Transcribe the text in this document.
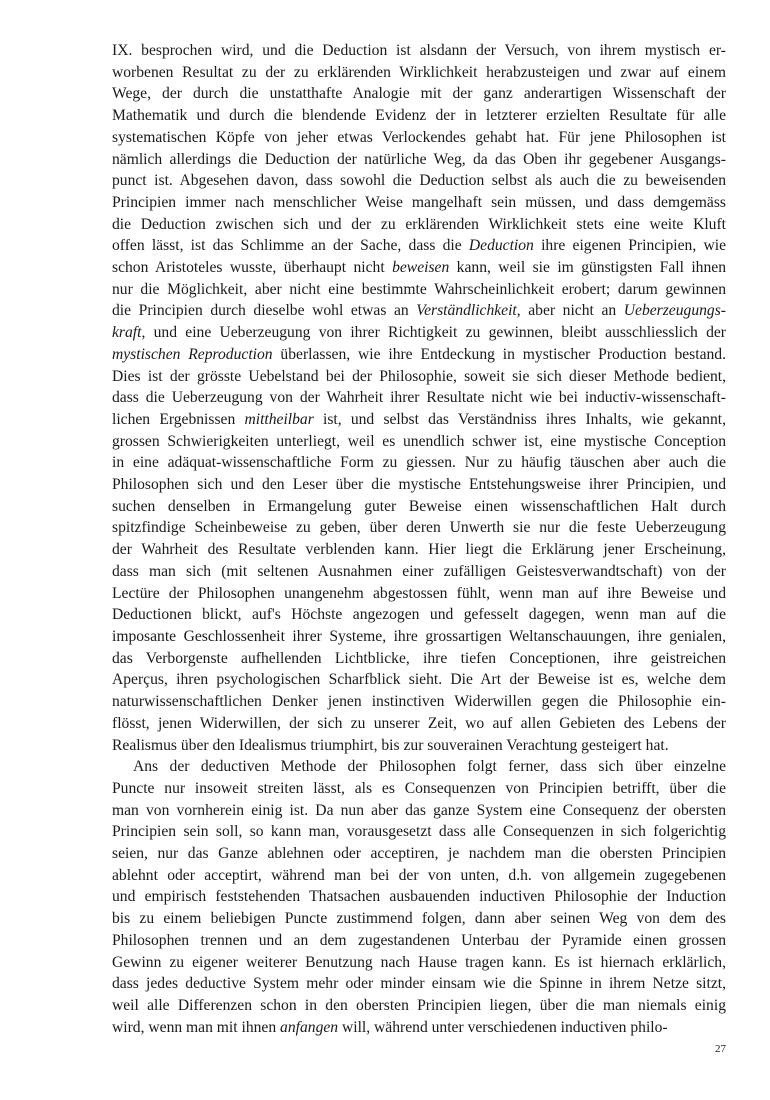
IX. besprochen wird, und die Deduction ist alsdann der Versuch, von ihrem mystisch er-
worbenen Resultat zu der zu erklärenden Wirklichkeit herabzusteigen und zwar auf einem
Wege, der durch die unstatthafte Analogie mit der ganz anderartigen Wissenschaft der
Mathematik und durch die blendende Evidenz der in letzterer erzielten Resultate für alle
systematischen Köpfe von jeher etwas Verlockendes gehabt hat. Für jene Philosophen ist
nämlich allerdings die Deduction der natürliche Weg, da das Oben ihr gegebener Ausgangs-
punct ist. Abgesehen davon, dass sowohl die Deduction selbst als auch die zu beweisenden
Principien immer nach menschlicher Weise mangelhaft sein müssen, und dass demgemäss
die Deduction zwischen sich und der zu erklärenden Wirklichkeit stets eine weite Kluft
offen lässt, ist das Schlimme an der Sache, dass die Deduction ihre eigenen Principien, wie
schon Aristoteles wusste, überhaupt nicht beweisen kann, weil sie im günstigsten Fall ihnen
nur die Möglichkeit, aber nicht eine bestimmte Wahrscheinlichkeit erobert; darum gewinnen
die Principien durch dieselbe wohl etwas an Verständlichkeit, aber nicht an Ueberzeugungs-
kraft, und eine Ueberzeugung von ihrer Richtigkeit zu gewinnen, bleibt ausschliesslich der
mystischen Reproduction überlassen, wie ihre Entdeckung in mystischer Production bestand.
Dies ist der grösste Uebelstand bei der Philosophie, soweit sie sich dieser Methode bedient,
dass die Ueberzeugung von der Wahrheit ihrer Resultate nicht wie bei inductiv-wissenschaft-
lichen Ergebnissen mittheilbar ist, und selbst das Verständniss ihres Inhalts, wie gekannt,
grossen Schwierigkeiten unterliegt, weil es unendlich schwer ist, eine mystische Conception
in eine adäquat-wissenschaftliche Form zu giessen. Nur zu häufig täuschen aber auch die
Philosophen sich und den Leser über die mystische Entstehungsweise ihrer Principien, und
suchen denselben in Ermangelung guter Beweise einen wissenschaftlichen Halt durch
spitzfindige Scheinbeweise zu geben, über deren Unwerth sie nur die feste Ueberzeugung
der Wahrheit des Resultate verblenden kann. Hier liegt die Erklärung jener Erscheinung,
dass man sich (mit seltenen Ausnahmen einer zufälligen Geistesverwandtschaft) von der
Lectüre der Philosophen unangenehm abgestossen fühlt, wenn man auf ihre Beweise und
Deductionen blickt, auf's Höchste angezogen und gefesselt dagegen, wenn man auf die
imposante Geschlossenheit ihrer Systeme, ihre grossartigen Weltanschauungen, ihre genialen,
das Verborgenste aufhellenden Lichtblicke, ihre tiefen Conceptionen, ihre geistreichen
Aperçus, ihren psychologischen Scharfblick sieht. Die Art der Beweise ist es, welche dem
naturwissenschaftlichen Denker jenen instinctiven Widerwillen gegen die Philosophie ein-
flösst, jenen Widerwillen, der sich zu unserer Zeit, wo auf allen Gebieten des Lebens der
Realismus über den Idealismus triumphirt, bis zur souverainen Verachtung gesteigert hat.

Ans der deductiven Methode der Philosophen folgt ferner, dass sich über einzelne
Puncte nur insoweit streiten lässt, als es Consequenzen von Principien betrifft, über die
man von vornherein einig ist. Da nun aber das ganze System eine Consequenz der obersten
Principien sein soll, so kann man, vorausgesetzt dass alle Consequenzen in sich folgerichtig
seien, nur das Ganze ablehnen oder acceptiren, je nachdem man die obersten Principien
ablehnt oder acceptirt, während man bei der von unten, d.h. von allgemein zugegebenen
und empirisch feststehenden Thatsachen ausbauenden inductiven Philosophie der Induction
bis zu einem beliebigen Puncte zustimmend folgen, dann aber seinen Weg von dem des
Philosophen trennen und an dem zugestandenen Unterbau der Pyramide einen grossen
Gewinn zu eigener weiterer Benutzung nach Hause tragen kann. Es ist hiernach erklärlich,
dass jedes deductive System mehr oder minder einsam wie die Spinne in ihrem Netze sitzt,
weil alle Differenzen schon in den obersten Principien liegen, über die man niemals einig
wird, wenn man mit ihnen anfangen will, während unter verschiedenen inductiven philo-

27
